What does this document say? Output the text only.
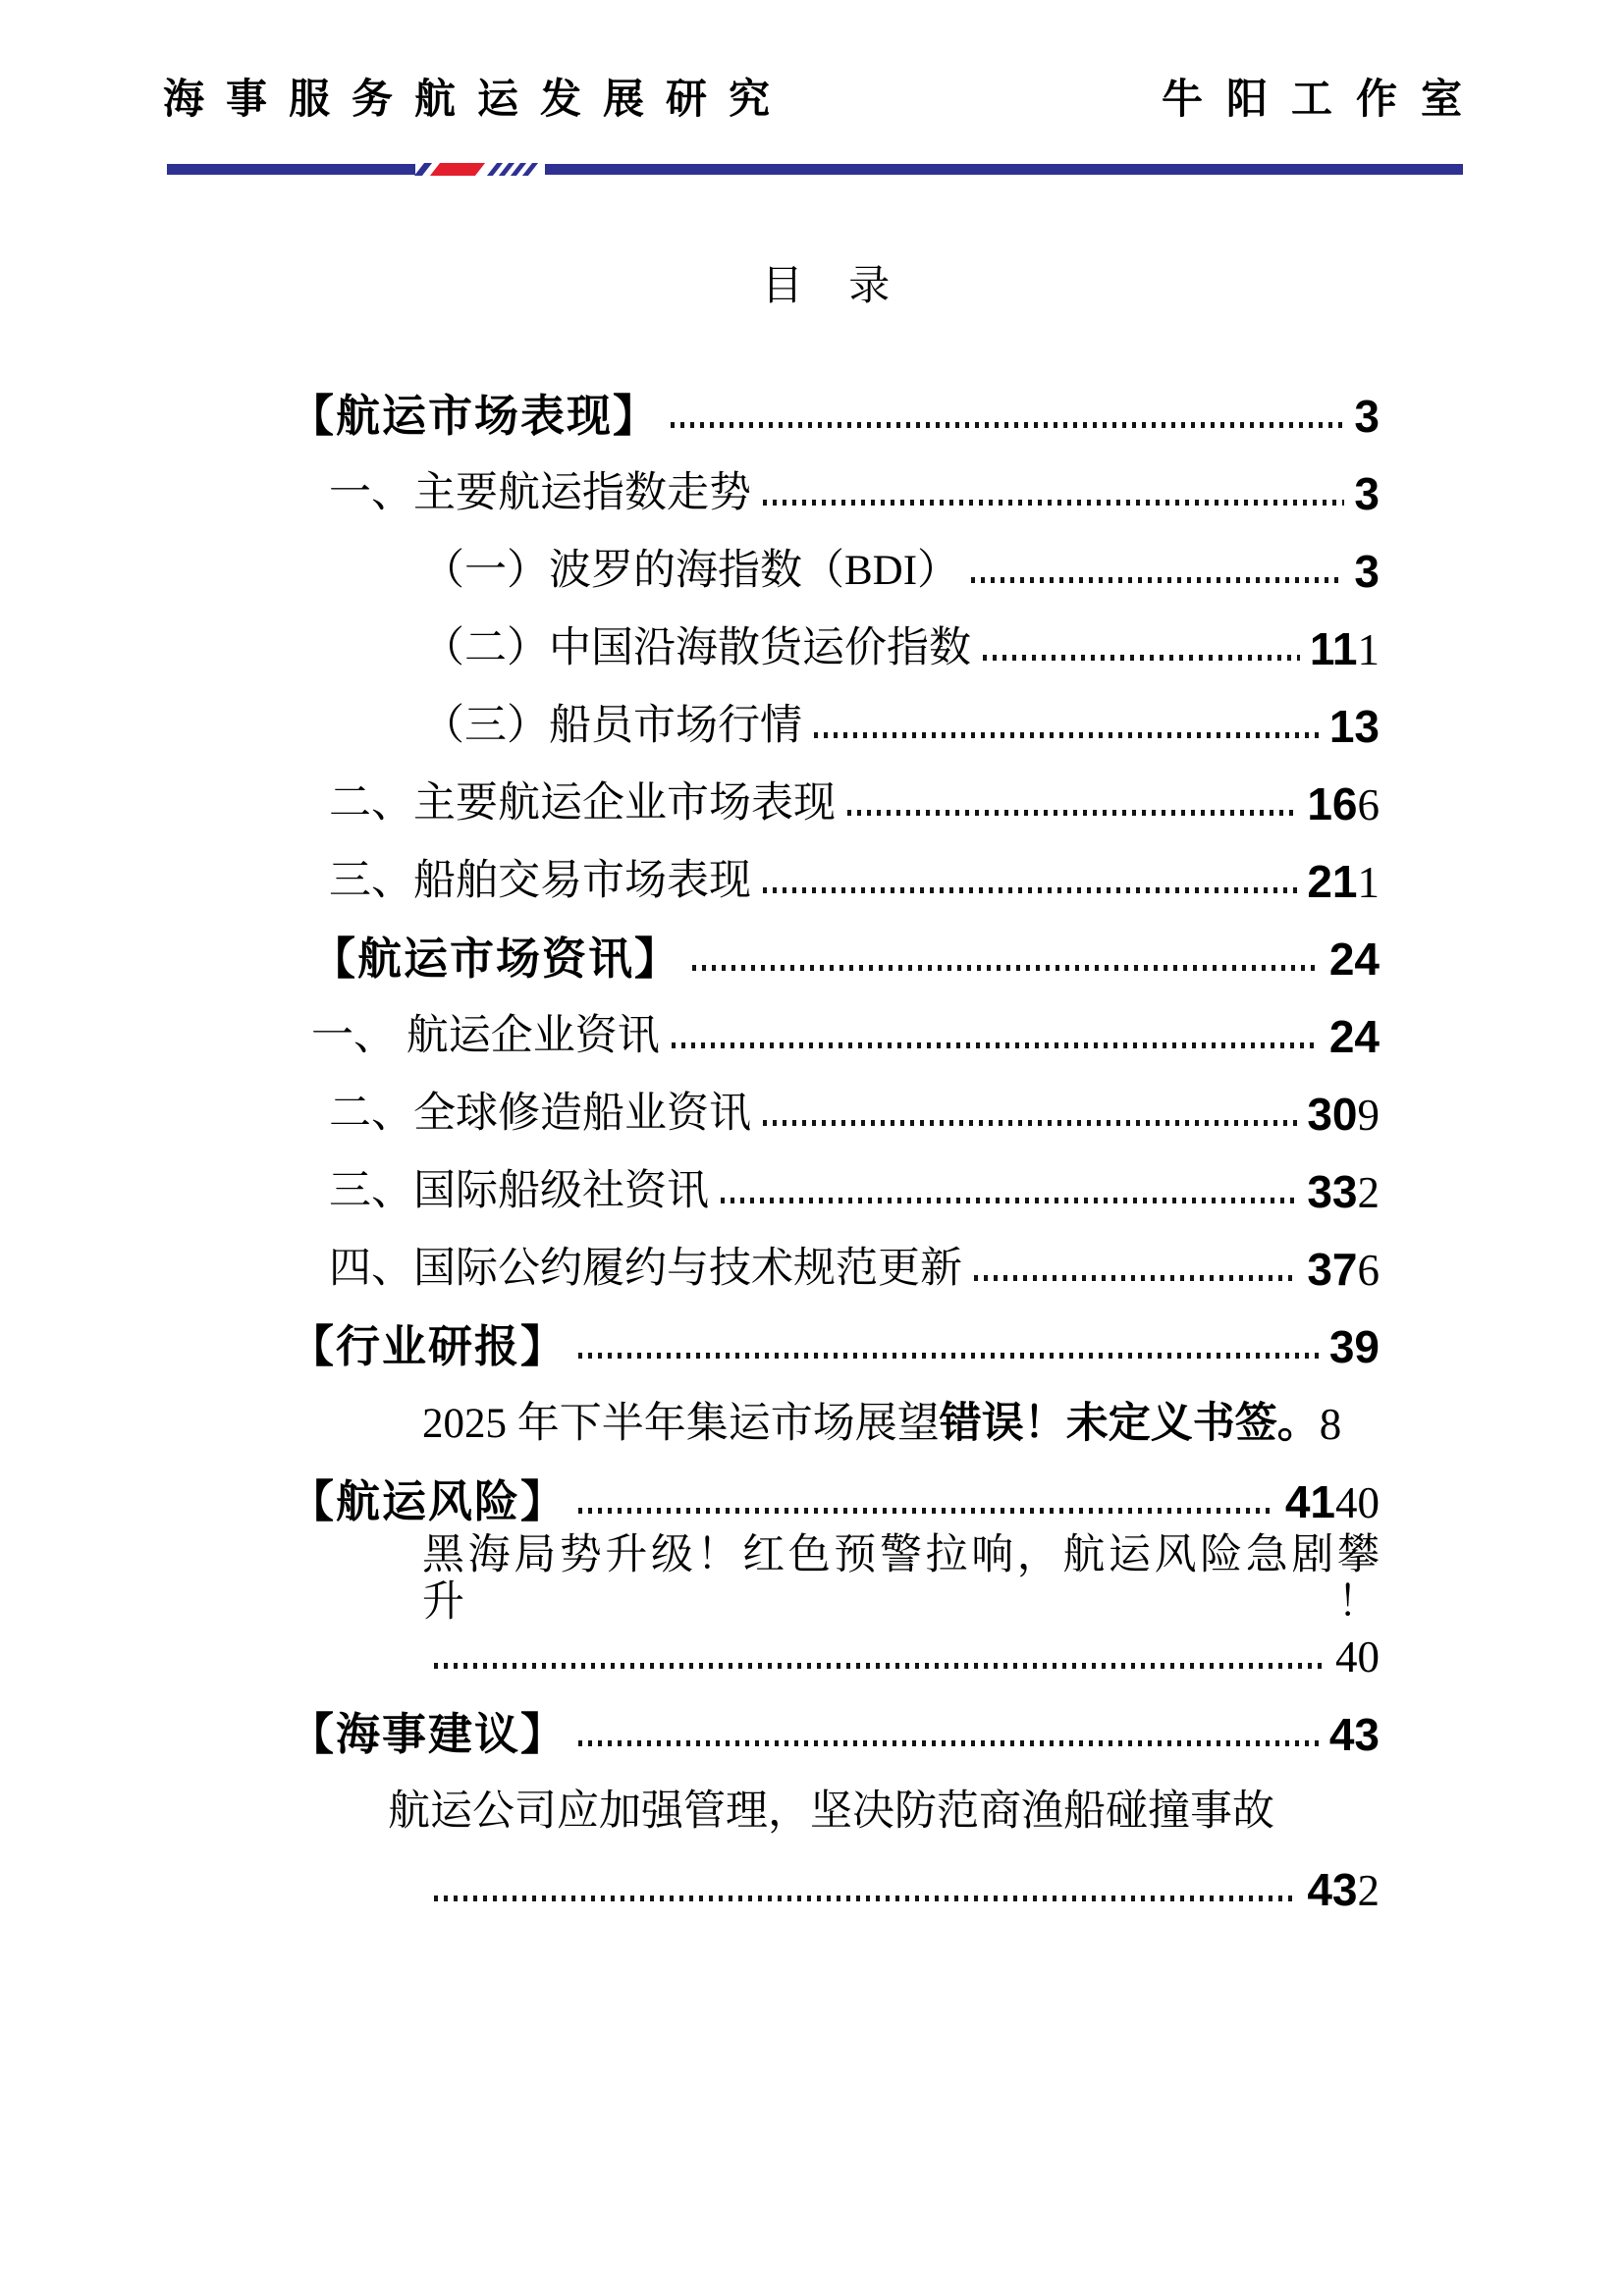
海事服务航运发展研究	牛阳工作室
目 录
【航运市场表现】	3
一、主要航运指数走势	3
（一）波罗的海指数（BDI）	3
（二）中国沿海散货运价指数	11 1
（三）船员市场行情	13
二、主要航运企业市场表现	16 6
三、船舶交易市场表现	21 1
【航运市场资讯】	24
一、 航运企业资讯	24
二、全球修造船业资讯	30 9
三、国际船级社资讯	33 2
四、国际公约履约与技术规范更新	37 6
【行业研报】	39
2025 年下半年集运市场展望 错误！未定义书签。 8
【航运风险】	41 40
黑海局势升级！红色预警拉响，航运风险急剧攀升！
40
【海事建议】	43
航运公司应加强管理，坚决防范商渔船碰撞事故
43 2
